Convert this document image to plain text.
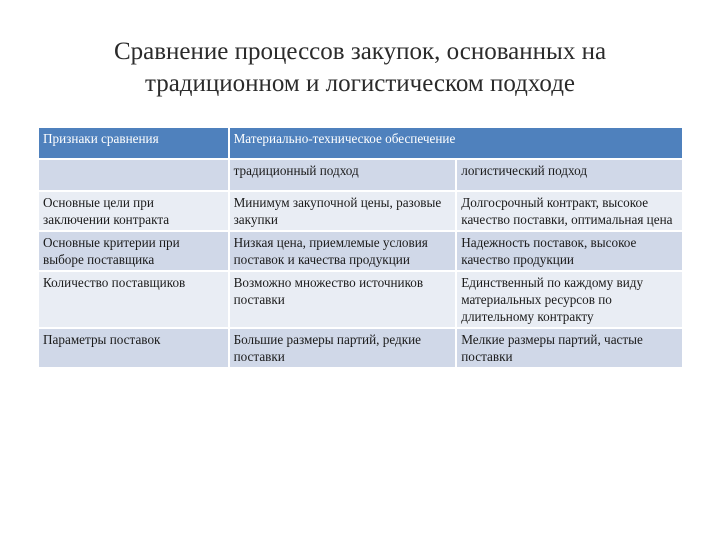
Сравнение процессов закупок, основанных на
традиционном и логистическом подходе
Признаки сравнения	Материально-техническое обеспечение	
	традиционный подход	логистический подход
Основные цели при заключении контракта	Минимум закупочной цены, разовые закупки	Долгосрочный контракт, высокое качество поставки, оптимальная цена
Основные критерии при выборе поставщика	Низкая цена, приемлемые условия поставок и качества продукции	Надежность поставок, высокое качество продукции
Количество поставщиков	Возможно множество источников поставки	Единственный по каждому виду материальных ресурсов по длительному контракту
Параметры поставок	Большие размеры партий, редкие поставки	Мелкие размеры партий, частые поставки
